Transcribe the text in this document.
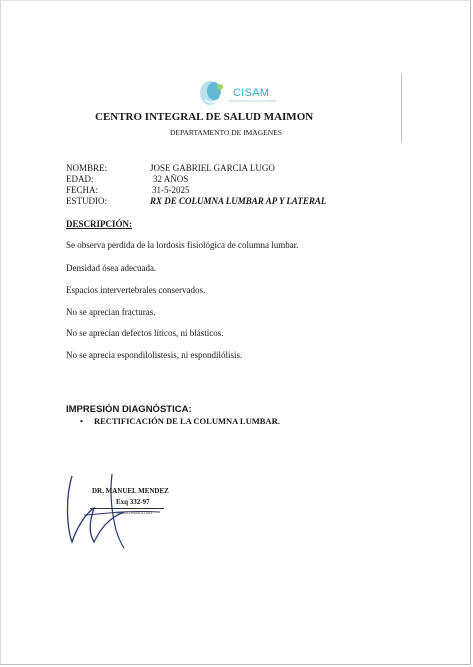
CISAM
CENTRO INTEGRAL DE SALUD MAIMON
CENTRO INTEGRAL DE SALUD MAIMON
DEPARTAMENTO DE IMAGENES
NOMBRE:	JOSE GABRIEL GARCIA LUGO
EDAD:	32 AÑOS
FECHA:	31-5-2025
ESTUDIO:	RX DE COLUMNA LUMBAR AP Y LATERAL
DESCRIPCIÓN:
Se observa perdida de la lordosis fisiológica de columna lumbar.
Densidad ósea adecuada.
Espacios intervertebrales conservados.
No se aprecian fracturas.
No se aprecian defectos líticos, ni blásticos.
No se aprecia espondilolistesis, ni espondilólisis.
IMPRESIÓN DIAGNÓSTICA:
• RECTIFICACIÓN DE LA COLUMNA LUMBAR.
DR. MANUEL MENDEZ
Exq 332-97
MEDICO RADIOLOGO
